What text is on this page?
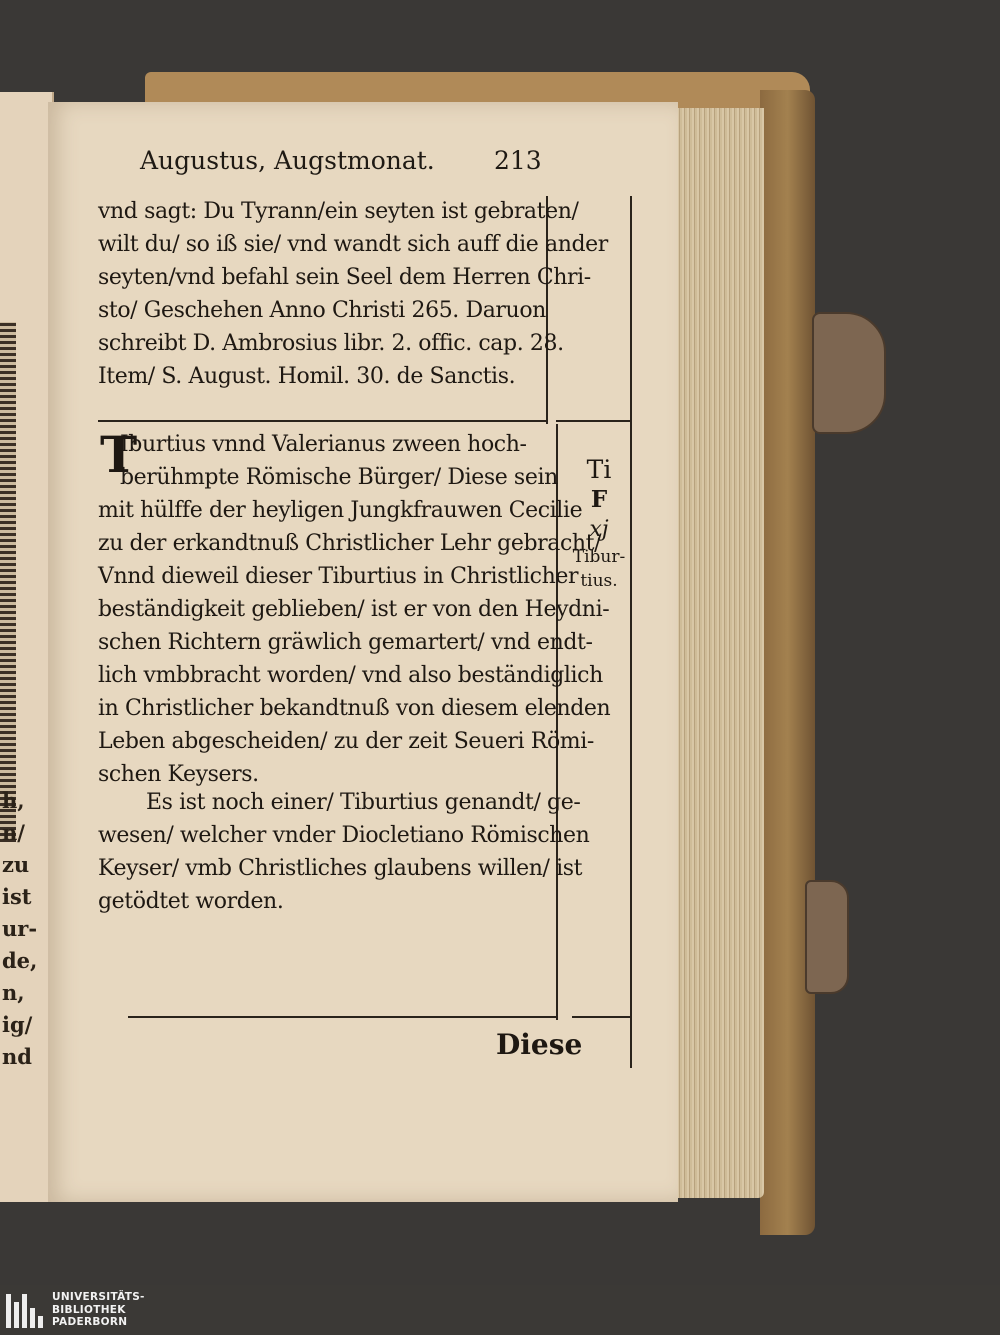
h,
n/
zu
ist
ur-
de,
n,
ig/
nd
Augustus, Augstmonat. 213
vnd sagt: Du Tyrann/ein seyten ist gebraten/
wilt du/ so iß sie/ vnd wandt sich auff die ander
seyten/vnd befahl sein Seel dem Herren Chri-
sto/ Geschehen Anno Christi 265. Daruon
schreibt D. Ambrosius libr. 2. offic. cap. 28.
Item/ S. August. Homil. 30. de Sanctis.
T
Iburtius vnnd Valerianus zween hoch-
berühmpte Römische Bürger/ Diese sein
mit hülffe der heyligen Jungkfrauwen Cecilie
zu der erkandtnuß Christlicher Lehr gebracht/
Vnnd dieweil dieser Tiburtius in Christlicher
beständigkeit geblieben/ ist er von den Heydni-
schen Richtern gräwlich gemartert/ vnd endt-
lich vmbbracht worden/ vnd also beständiglich
in Christlicher bekandtnuß von diesem elenden
Leben abgescheiden/ zu der zeit Seueri Römi-
schen Keysers.
Es ist noch einer/ Tiburtius genandt/ ge-
wesen/ welcher vnder Diocletiano Römischen
Keyser/ vmb Christliches glaubens willen/ ist
getödtet worden.
Ti
F
xj
Tibur-
tius.
Diese
UNIVERSITÄTS-
BIBLIOTHEK
PADERBORN
